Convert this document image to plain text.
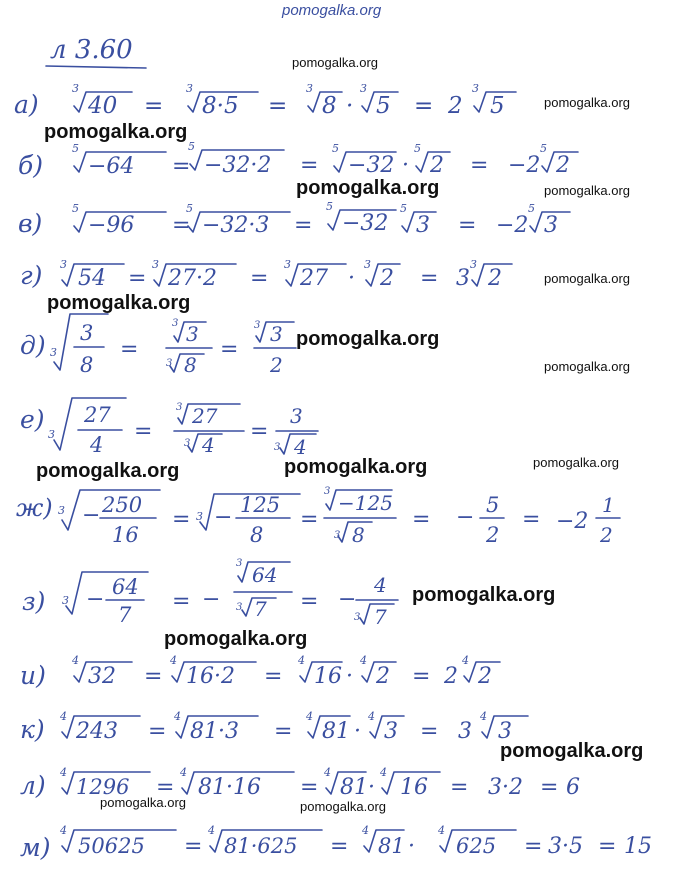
pomogalka.org
л 3.60
а)
3
40 =
3
8·5 =
3
8 ·
3
5 = 2
3
5
б)
5
−64 =
5
−32·2 =
5
−32 ·
5
2 = −2
5
2
в)
5
−96 =
5
−32·3 =
5
−32
5
3 = −2
5
3
г) 3
54 =
3
27·2 =
3
27 ·
3
2 = 3
3
2
д) 3
3
8
=
3 3
3 8
=
3 3
2
е)
3
27
4
=
3 27
3 4
=
3
3 4
ж) 3 − 250
16
= 3 − 125
8
=
3 −125
3 8
= − 5
2
= −2
1
2
з) 3 − 64
7
= −
3 64
3 7 = −
4
3 7
и)
4
32 =
4
16·2 =
4
16 ·
4
2 = 2
4
2
к) 4
243 =
4
81·3 =
4
81 ·
4
3 = 3
4
3
л) 4
1296 =
4
81·16 =
4
81 ·
4
16 = 3·2 = 6
м)
4
50625 =
4
81·625 =
4
81 ·
4
625 = 3·5 = 15
pomogalka.org
pomogalka.org
pomogalka.org
pomogalka.org	pomogalka.org
pomogalka.org
pomogalka.org
pomogalka.org
pomogalka.org
pomogalka.org
pomogalka.org	pomogalka.org
pomogalka.org
pomogalka.org
pomogalka.org
pomogalka.org	pomogalka.org
